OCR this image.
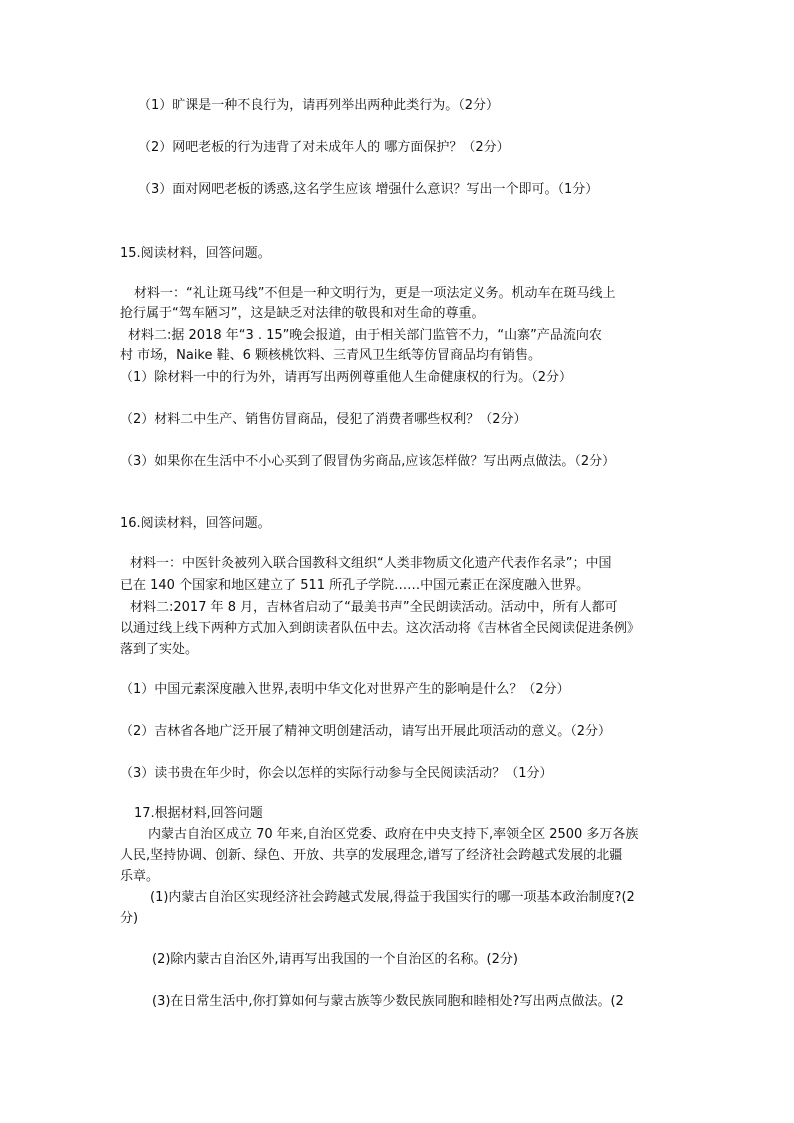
（1）旷课是一种不良行为，请再列举出两种此类行为。（2分）
（2）网吧老板的行为违背了对未成年人的 哪方面保护？（2分）
（3）面对网吧老板的诱惑,这名学生应该 增强什么意识？写出一个即可。（1分）
15.阅读材料，回答问题。
材料一：“礼让斑马线”不但是一种文明行为，更是一项法定义务。机动车在斑马线上
抢行属于“驾车陋习”，这是缺乏对法律的敬畏和对生命的尊重。
材料二:据 2018 年“3 . 15”晚会报道，由于相关部门监管不力，“山寨”产品流向农
村 市场，Naike 鞋、6 颗核桃饮料、三青风卫生纸等仿冒商品均有销售。
（1）除材料一中的行为外，请再写出两例尊重他人生命健康权的行为。（2分）
（2）材料二中生产、销售仿冒商品，侵犯了消费者哪些权利？（2分）
（3）如果你在生活中不小心买到了假冒伪劣商品,应该怎样做？写出两点做法。（2分）
16.阅读材料，回答问题。
材料一：中医针灸被列入联合国教科文组织“人类非物质文化遗产代表作名录”；中国
已在 140 个国家和地区建立了 511 所孔子学院……中国元素正在深度融入世界。
材料二:2017 年 8 月，吉林省启动了“最美书声”全民朗读活动。活动中，所有人都可
以通过线上线下两种方式加入到朗读者队伍中去。这次活动将《吉林省全民阅读促进条例》
落到了实处。
（1）中国元素深度融入世界,表明中华文化对世界产生的影响是什么？（2分）
（2）吉林省各地广泛开展了精神文明创建活动，请写出开展此项活动的意义。（2分）
（3）读书贵在年少时，你会以怎样的实际行动参与全民阅读活动？（1分）
17.根据材料,回答问题
内蒙古自治区成立 70 年来,自治区党委、政府在中央支持下,率领全区 2500 多万各族
人民,坚持协调、创新、绿色、开放、共享的发展理念,谱写了经济社会跨越式发展的北疆
乐章。
(1)内蒙古自治区实现经济社会跨越式发展,得益于我国实行的哪一项基本政治制度?(2
分)
(2)除内蒙古自治区外,请再写出我国的一个自治区的名称。(2分)
(3)在日常生活中,你打算如何与蒙古族等少数民族同胞和睦相处?写出两点做法。(2
